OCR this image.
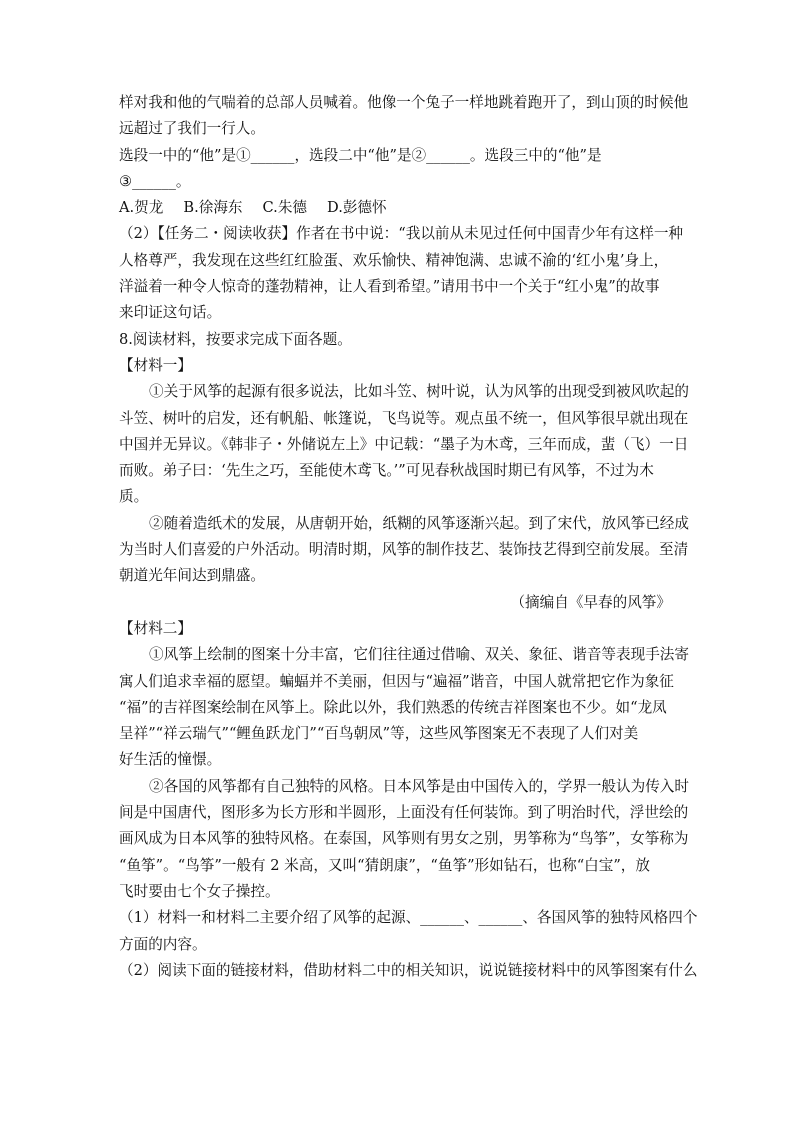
样对我和他的气喘着的总部人员喊着。他像一个兔子一样地跳着跑开了，到山顶的时候他
远超过了我们一行人。
选段一中的“他”是①______，选段二中“他”是②______。选段三中的“他”是
③______。
A.贺龙 B.徐海东 C.朱德 D.彭德怀
（2）【任务二・阅读收获】作者在书中说：“我以前从未见过任何中国青少年有这样一种
人格尊严，我发现在这些红红脸蛋、欢乐愉快、精神饱满、忠诚不渝的‘红小鬼’身上，
洋溢着一种令人惊奇的蓬勃精神，让人看到希望。”请用书中一个关于“红小鬼”的故事
来印证这句话。
8.阅读材料，按要求完成下面各题。
【材料一】
①关于风筝的起源有很多说法，比如斗笠、树叶说，认为风筝的出现受到被风吹起的
斗笠、树叶的启发，还有帆船、帐篷说，飞鸟说等。观点虽不统一，但风筝很早就出现在
中国并无异议。《韩非子・外储说左上》中记载：“墨子为木鸢，三年而成，蜚（飞）一日
而败。弟子曰：‘先生之巧，至能使木鸢飞。’”可见春秋战国时期已有风筝，不过为木
质。
②随着造纸术的发展，从唐朝开始，纸糊的风筝逐渐兴起。到了宋代，放风筝已经成
为当时人们喜爱的户外活动。明清时期，风筝的制作技艺、装饰技艺得到空前发展。至清
朝道光年间达到鼎盛。
（摘编自《早春的风筝》
【材料二】
①风筝上绘制的图案十分丰富，它们往往通过借喻、双关、象征、谐音等表现手法寄
寓人们追求幸福的愿望。蝙蝠并不美丽，但因与“遍福”谐音，中国人就常把它作为象征
“福”的吉祥图案绘制在风筝上。除此以外，我们熟悉的传统吉祥图案也不少。如“龙凤
呈祥”“祥云瑞气”“鲤鱼跃龙门”“百鸟朝凤”等，这些风筝图案无不表现了人们对美
好生活的憧憬。
②各国的风筝都有自己独特的风格。日本风筝是由中国传入的，学界一般认为传入时
间是中国唐代，图形多为长方形和半圆形，上面没有任何装饰。到了明治时代，浮世绘的
画风成为日本风筝的独特风格。在泰国，风筝则有男女之别，男筝称为“鸟筝”，女筝称为
“鱼筝”。“鸟筝”一般有 2 米高，又叫“猜朗康”，“鱼筝”形如钻石，也称“白宝”，放
飞时要由七个女子操控。
（1）材料一和材料二主要介绍了风筝的起源、______、______、各国风筝的独特风格四个
方面的内容。
（2）阅读下面的链接材料，借助材料二中的相关知识，说说链接材料中的风筝图案有什么
